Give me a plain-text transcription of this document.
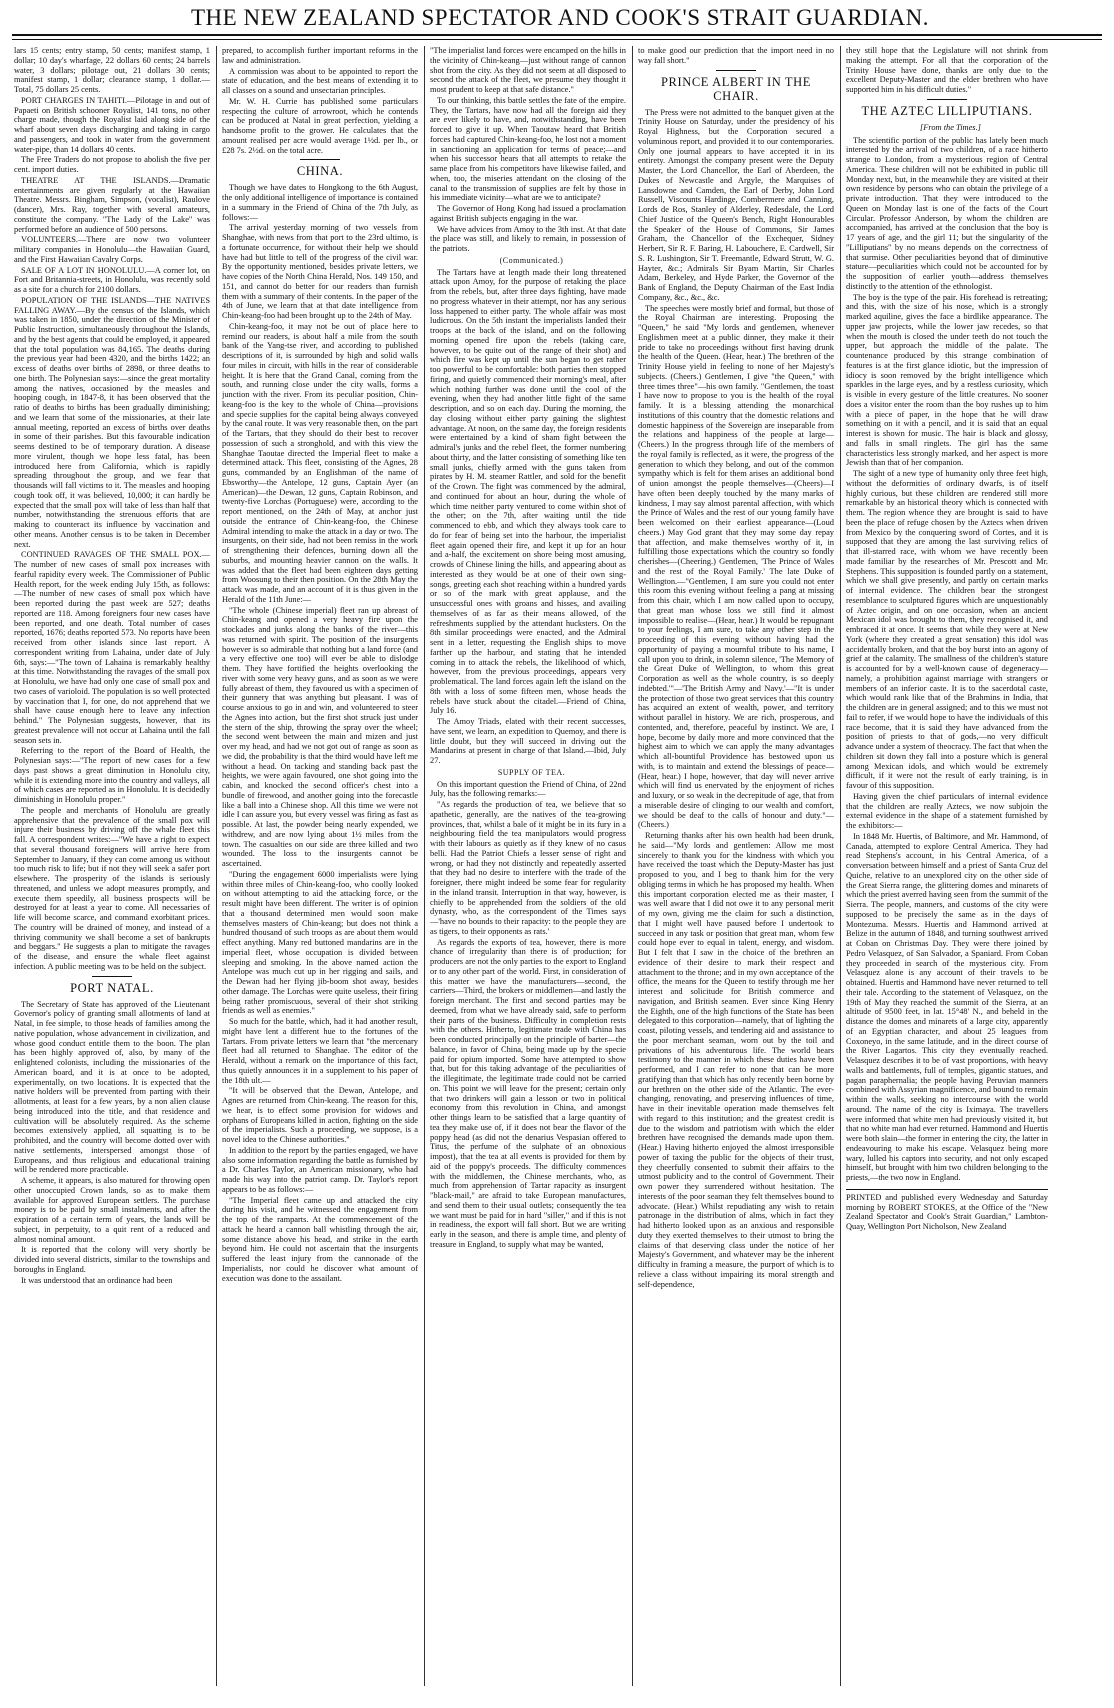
THE NEW ZEALAND SPECTATOR AND COOK'S STRAIT GUARDIAN.

lars 15 cents; entry stamp, 50 cents; manifest stamp, 1 dollar; 10 day's wharfage, 22 dollars 60 cents; 24 barrels water, 3 dollars; pilotage out, 21 dollars 30 cents; manifest stamp, 1 dollar; clearance stamp, 1 dollar.—Total, 75 dollars 25 cents.

PORT CHARGES IN TAHITI.—Pilotage in and out of Papaeti on British schooner Royalist, 141 tons, no other charge made, though the Royalist laid along side of the wharf about seven days discharging and taking in cargo and passengers, and took in water from the government water-pipe, than 14 dollars 40 cents.

The Free Traders do not propose to abolish the five per cent. import duties.

THEATRE AT THE ISLANDS.—Dramatic entertainments are given regularly at the Hawaiian Theatre. Messrs. Bingham, Simpson, (vocalist), Raulove (dancer), Mrs. Ray, together with several amateurs, constitute the company. "The Lady of the Lake" was performed before an audience of 500 persons.

VOLUNTEERS.—There are now two volunteer military companies in Honolulu—the Hawaiian Guard, and the First Hawaiian Cavalry Corps.

SALE OF A LOT IN HONOLULU.—A corner lot, on Fort and Britannia-streets, in Honolulu, was recently sold as a site for a church for 2100 dollars.

POPULATION OF THE ISLANDS—THE NATIVES FALLING AWAY.—By the census of the Islands, which was taken in 1850, under the direction of the Minister of Public Instruction, simultaneously throughout the Islands, and by the best agents that could be employed, it appeared that the total population was 84,165. The deaths during the previous year had been 4320, and the births 1422; an excess of deaths over births of 2898, or three deaths to one birth. The Polynesian says:—since the great mortality among the natives, occasioned by the measles and hooping cough, in 1847-8, it has been observed that the ratio of deaths to births has been gradually diminishing; and we learn that some of the missionaries, at their late annual meeting, reported an excess of births over deaths in some of their parishes. But this favourable indication seems destined to be of temporary duration. A disease more virulent, though we hope less fatal, has been introduced here from California, which is rapidly spreading throughout the group, and we fear that thousands will fall victims to it. The measles and hooping cough took off, it was believed, 10,000; it can hardly be expected that the small pox will take of less than half that number, notwithstanding the strenuous efforts that are making to counteract its influence by vaccination and other means. Another census is to be taken in December next.

CONTINUED RAVAGES OF THE SMALL POX.—The number of new cases of small pox increases with fearful rapidity every week. The Commissioner of Public Health report, for the week ending July 15th, as follows:—The number of new cases of small pox which have been reported during the past week are 527; deaths reported are 118. Among foreigners four new cases have been reported, and one death. Total number of cases reported, 1676; deaths reported 573. No reports have been received from other islands since last report. A correspondent writing from Lahaina, under date of July 6th, says:—"The town of Lahaina is remarkably healthy at this time. Notwithstanding the ravages of the small pox at Honolulu, we have had only one case of small pox and two cases of varioloid. The population is so well protected by vaccination that I, for one, do not apprehend that we shall have cause enough here to leave any infection behind." The Polynesian suggests, however, that its greatest prevalence will not occur at Lahaina until the fall season sets in.

Referring to the report of the Board of Health, the Polynesian says:—"The report of new cases for a few days past shows a great diminution in Honolulu city, while it is extending more into the country and valleys, all of which cases are reported as in Honolulu. It is decidedly diminishing in Honolulu proper."

The people and merchants of Honolulu are greatly apprehensive that the prevalence of the small pox will injure their business by driving off the whale fleet this fall. A correspondent writes:—"We have a right to expect that several thousand foreigners will arrive here from September to January, if they can come among us without too much risk to life; but if not they will seek a safer port elsewhere. The prosperity of the islands is seriously threatened, and unless we adopt measures promptly, and execute them speedily, all business prospects will be destroyed for at least a year to come. All necessaries of life will become scarce, and command exorbitant prices. The country will be drained of money, and instead of a thriving community we shall become a set of bankrupts and beggars." He suggests a plan to mitigate the ravages of the disease, and ensure the whale fleet against infection. A public meeting was to be held on the subject.

PORT NATAL.

The Secretary of State has approved of the Lieutenant Governor's policy of granting small allotments of land at Natal, in fee simple, to those heads of families among the native population, whose advancement in civilization, and whose good conduct entitle them to the boon. The plan has been highly approved of, also, by many of the enlightened colonists, including the missionaries of the American board, and it is at once to be adopted, experimentally, on two locations. It is expected that the native holders will be prevented from parting with their allotments, at least for a few years, by a non alien clause being introduced into the title, and that residence and cultivation will be absolutely required. As the scheme becomes extensively applied, all squatting is to be prohibited, and the country will become dotted over with native settlements, interspersed amongst those of Europeans, and thus religious and educational training will be rendered more practicable.

A scheme, it appears, is also matured for throwing open other unoccupied Crown lands, so as to make them available for approved European settlers. The purchase money is to be paid by small instalments, and after the expiration of a certain term of years, the lands will be subject, in perpetuity, to a quit rent of a reduced and almost nominal amount.

It is reported that the colony will very shortly be divided into several districts, similar to the townships and boroughs in England.

It was understood that an ordinance had been

prepared, to accomplish further important reforms in the law and administration.

A commission was about to be appointed to report the state of education, and the best means of extending it to all classes on a sound and unsectarian principles.

Mr. W. H. Currie has published some particulars respecting the culture of arrowroot, which he contends can be produced at Natal in great perfection, yielding a handsome profit to the grower. He calculates that the amount realised per acre would average 1½d. per lb., or £28 7s. 2½d. on the total acre.

CHINA.

Though we have dates to Hongkong to the 6th August, the only additional intelligence of importance is contained in a summary in the Friend of China of the 7th July, as follows:—

The arrival yesterday morning of two vessels from Shanghae, with news from that port to the 23rd ultimo, is a fortunate occurrence, for without their help we should have had but little to tell of the progress of the civil war. By the opportunity mentioned, besides private letters, we have copies of the North China Herald, Nos. 149 150, and 151, and cannot do better for our readers than furnish them with a summary of their contents. In the paper of the 4th of June, we learn that at that date intelligence from Chin-keang-foo had been brought up to the 24th of May.

Chin-keang-foo, it may not be out of place here to remind our readers, is about half a mile from the south bank of the Yang-tse river, and according to published descriptions of it, is surrounded by high and solid walls four miles in circuit, with hills in the rear of considerable height. It is here that the Grand Canal, coming from the south, and running close under the city walls, forms a junction with the river. From its peculiar position, Chin-keang-foo is the key to the whole of China—provisions and specie supplies for the capital being always conveyed by the canal route. It was very reasonable then, on the part of the Tartars, that they should do their best to recover possession of such a stronghold, and with this view the Shanghae Taoutae directed the Imperial fleet to make a determined attack. This fleet, consisting of the Agnes, 28 guns, commanded by an Englishman of the name of Ebsworthy—the Antelope, 12 guns, Captain Ayer (an American)—the Dewan, 12 guns, Captain Robinson, and twenty-five Lorchas (Portuguese) were, according to the report mentioned, on the 24th of May, at anchor just outside the entrance of Chin-keang-foo, the Chinese Admiral intending to make the attack in a day or two. The insurgents, on their side, had not been remiss in the work of strengthening their defences, burning down all the suburbs, and mounting heavier cannon on the walls. It was added that the fleet had been eighteen days getting from Woosung to their then position. On the 28th May the attack was made, and an account of it is thus given in the Herald of the 11th June:—

"The whole (Chinese imperial) fleet ran up abreast of Chin-keang and opened a very heavy fire upon the stockades and junks along the banks of the river—this was returned with spirit. The position of the insurgents however is so admirable that nothing but a land force (and a very effective one too) will ever be able to dislodge them. They have fortified the heights overlooking the river with some very heavy guns, and as soon as we were fully abreast of them, they favoured us with a specimen of their gunnery that was anything but pleasant. I was of course anxious to go in and win, and volunteered to steer the Agnes into action, but the first shot struck just under the stern of the ship, throwing the spray over the wheel; the second went between the main and mizen and just over my head, and had we not got out of range as soon as we did, the probability is that the third would have left me without a head. On tacking and standing back past the heights, we were again favoured, one shot going into the cabin, and knocked the second officer's chest into a bundle of firewood, and another going into the forecastle like a ball into a Chinese shop. All this time we were not idle I can assure you, but every vessel was firing as fast as possible. At last, the powder being nearly expended, we withdrew, and are now lying about 1½ miles from the town. The casualties on our side are three killed and two wounded. The loss to the insurgents cannot be ascertained.

"During the engagement 6000 imperialists were lying within three miles of Chin-keang-foo, who coolly looked on without attempting to aid the attacking force, or the result might have been different. The writer is of opinion that a thousand determined men would soon make themselves masters of Chin-keang; but does not think a hundred thousand of such troops as are about them would effect anything. Many red buttoned mandarins are in the imperial fleet, whose occupation is divided between sleeping and smoking. In the above named action the Antelope was much cut up in her rigging and sails, and the Dewan had her flying jib-boom shot away, besides other damage. The Lorchas were quite useless, their firing being rather promiscuous, several of their shot striking friends as well as enemies."

So much for the battle, which, had it had another result, might have lent a different hue to the fortunes of the Tartars. From private letters we learn that "the mercenary fleet had all returned to Shanghae. The editor of the Herald, without a remark on the importance of this fact, thus quietly announces it in a supplement to his paper of the 18th ult.—

"It will be observed that the Dewan, Antelope, and Agnes are returned from Chin-keang. The reason for this, we hear, is to effect some provision for widows and orphans of Europeans killed in action, fighting on the side of the imperialists. Such a proceeding, we suppose, is a novel idea to the Chinese authorities."

In addition to the report by the parties engaged, we have also some information regarding the battle as furnished by a Dr. Charles Taylor, an American missionary, who had made his way into the patriot camp. Dr. Taylor's report appears to be as follows:—

"The Imperial fleet came up and attacked the city during his visit, and he witnessed the engagement from the top of the ramparts. At the commencement of the attack he heard a cannon ball whistling through the air, some distance above his head, and strike in the earth beyond him. He could not ascertain that the insurgents suffered the least injury from the cannonade of the Imperialists, nor could he discover what amount of execution was done to the assailant.

"The imperialist land forces were encamped on the hills in the vicinity of Chin-keang—just without range of cannon shot from the city. As they did not seem at all disposed to second the attack of the fleet, we presume they thought it most prudent to keep at that safe distance."

To our thinking, this battle settles the fate of the empire. They, the Tartars, have now had all the foreign aid they are ever likely to have, and, notwithstanding, have been forced to give it up. When Taoutaw heard that British forces had captured Chin-keang-foo, he lost not a moment in sanctioning an application for terms of peace;—and when his successor hears that all attempts to retake the same place from his competitors have likewise failed, and when, too, the miseries attendant on the closing of the canal to the transmission of supplies are felt by those in his immediate vicinity—what are we to anticipate?

The Governor of Hong Kong had issued a proclamation against British subjects engaging in the war.

We have advices from Amoy to the 3th inst. At that date the place was still, and likely to remain, in possession of the patriots.

(Communicated.)

The Tartars have at length made their long threatened attack upon Amoy, for the purpose of retaking the place from the rebels, but, after three days fighting, have made no progress whatever in their attempt, nor has any serious loss happened to either party. The whole affair was most ludicrous. On the 5th instant the imperialists landed their troops at the back of the island, and on the following morning opened fire upon the rebels (taking care, however, to be quite out of the range of their shot) and which fire was kept up until the sun began to get rather too powerful to be comfortable: both parties then stopped firing, and quietly commenced their morning's meal, after which nothing further was done until the cool of the evening, when they had another little fight of the same description, and so on each day. During the morning, the day closing without either party gaining the slightest advantage. At noon, on the same day, the foreign residents were entertained by a kind of sham fight between the admiral's junks and the rebel fleet, the former numbering about thirty, and the latter consisting of something like ten small junks, chiefly armed with the guns taken from pirates by H. M. steamer Rattler, and sold for the benefit of the Crown. The fight was commenced by the admiral, and continued for about an hour, during the whole of which time neither party ventured to come within shot of the other; on the 7th, after waiting until the tide commenced to ebb, and which they always took care to do for fear of being set into the harbour, the imperialist fleet again opened their fire, and kept it up for an hour and a-half, the excitement on shore being most amusing, crowds of Chinese lining the hills, and appearing about as interested as they would be at one of their own sing-songs, greeting each shot reaching within a hundred yards or so of the mark with great applause, and the unsuccessful ones with groans and hisses, and availing themselves of as far as their means allowed, of the refreshments supplied by the attendant hucksters. On the 8th similar proceedings were enacted, and the Admiral sent in a letter, requesting the English ships to move farther up the harbour, and stating that he intended coming in to attack the rebels, the likelihood of which, however, from the previous proceedings, appears very problematical. The land forces again left the island on the 8th with a loss of some fifteen men, whose heads the rebels have stuck about the citadel.—Friend of China, July 16.

The Amoy Triads, elated with their recent successes, have sent, we learn, an expedition to Quemoy, and there is little doubt, but they will succeed in driving out the Mandarins at present in charge of that Island.—Ibid, July 27.

SUPPLY OF TEA.

On this important question the Friend of China, of 22nd July, has the following remarks:—

"As regards the production of tea, we believe that so apathetic, generally, are the natives of the tea-growing provinces, that, whilst a bale of it might be in its fury in a neighbouring field the tea manipulators would progress with their labours as quietly as if they knew of no casus belli. Had the Patriot Chiefs a lesser sense of right and wrong, or had they not distinctly and repeatedly asserted that they had no desire to interfere with the trade of the foreigner, there might indeed be some fear for regularity in the inland transit. Interruption in that way, however, is chiefly to be apprehended from the soldiers of the old dynasty, who, as the correspondent of the Times says—'have no bounds to their rapacity: to the people they are as tigers, to their opponents as rats.'

As regards the exports of tea, however, there is more chance of irregularity than there is of production; for producers are not the only parties to the export to England or to any other part of the world. First, in consideration of this matter we have the manufacturers—second, the carriers—Third, the brokers or middlemen—and lastly the foreign merchant. The first and second parties may be deemed, from what we have already said, safe to perform their parts of the business. Difficulty in completion rests with the others. Hitherto, legitimate trade with China has been conducted principally on the principle of barter—the balance, in favor of China, being made up by the specie paid for opium imported. Some have attempted to show that, but for this taking advantage of the peculiarities of the illegitimate, the legitimate trade could not be carried on. This point we will leave for the present; certain only that two drinkers will gain a lesson or two in political economy from this revolution in China, and amongst other things learn to be satisfied that a large quantity of tea they make use of, if it does not bear the flavor of the poppy head (as did not the denarius Vespasian offered to Titus, the perfume of the sulphate of an obnoxious impost), that the tea at all events is provided for them by aid of the poppy's proceeds. The difficulty commences with the middlemen, the Chinese merchants, who, as much from apprehension of Tartar rapacity as insurgent "black-mail," are afraid to take European manufactures, and send them to their usual outlets; consequently the tea we want must be paid for in hard "siller," and if this is not in readiness, the export will fall short. But we are writing early in the season, and there is ample time, and plenty of treasure in England, to supply what may be wanted,

to make good our prediction that the import need in no way fall short."

PRINCE ALBERT IN THE CHAIR.

The Press were not admitted to the banquet given at the Trinity House on Saturday, under the presidency of his Royal Highness, but the Corporation secured a voluminous report, and provided it to our contemporaries. Only one journal appears to have accepted it in its entirety. Amongst the company present were the Deputy Master, the Lord Chancellor, the Earl of Aberdeen, the Dukes of Newcastle and Argyle, the Marquises of Lansdowne and Camden, the Earl of Derby, John Lord Russell, Viscounts Hardinge, Combermere and Canning, Lords de Ros, Stanley of Alderley, Redesdale, the Lord Chief Justice of the Queen's Bench, Right Honourables the Speaker of the House of Commons, Sir James Graham, the Chancellor of the Exchequer, Sidney Herbert, Sir R. F. Baring, H. Labouchere, E. Cardwell, Sir S. R. Lushington, Sir T. Freemantle, Edward Strutt, W. G. Hayter, &c.; Admirals Sir Byam Martin, Sir Charles Adam, Berkeley, and Hyde Parker, the Governor of the Bank of England, the Deputy Chairman of the East India Company, &c., &c., &c.

The speeches were mostly brief and formal, but those of the Royal Chairman are interesting. Proposing the "Queen," he said "My lords and gentlemen, whenever Englishmen meet at a public dinner, they make it their pride to take no proceedings without first having drunk the health of the Queen. (Hear, hear.) The brethren of the Trinity House yield in feeling to none of her Majesty's subjects. (Cheers.) Gentlemen, I give "the Queen," with three times three"—his own family. "Gentlemen, the toast I have now to propose to you is the health of the royal family. It is a blessing attending the monarchical institutions of this country that the domestic relations and domestic happiness of the Sovereign are inseparable from the relations and happiness of the people at large—(Cheers.) In the progress through life of the members of the royal family is reflected, as it were, the progress of the generation to which they belong, and out of the common sympathy which is felt for them arises an additional bond of union amongst the people themselves—(Cheers)—I have often been deeply touched by the many marks of kindness, I may say almost parental affection, with which the Prince of Wales and the rest of our young family have been welcomed on their earliest appearance—(Loud cheers.) May God grant that they may some day repay that affection, and make themselves worthy of it, in fulfilling those expectations which the country so fondly cherishes—(Cheering.) Gentlemen, 'The Prince of Wales and the rest of the Royal Family.' The late Duke of Wellington.—"Gentlemen, I am sure you could not enter this room this evening without feeling a pang at missing from this chair, which I am now called upon to occupy, that great man whose loss we still find it almost impossible to realise—(Hear, hear.) It would be repugnant to your feelings, I am sure, to take any other step in the proceeding of this evening without having had the opportunity of paying a mournful tribute to his name, I call upon you to drink, in solemn silence, 'The Memory of the Great Duke of Wellington, to whom this great Corporation as well as the whole country, is so deeply indebted.'"—'The British Army and Navy.'—"It is under the protection of those two great services that this country has acquired an extent of wealth, power, and territory without parallel in history. We are rich, prosperous, and contented, and, therefore, peaceful by instinct. We are, I hope, become by daily more and more convinced that the highest aim to which we can apply the many advantages which all-bountiful Providence has bestowed upon us with, is to maintain and extend the blessings of peace—(Hear, hear.) I hope, however, that day will never arrive which will find us enervated by the enjoyment of riches and luxury, or so weak in the decrepitude of age, that from a miserable desire of clinging to our wealth and comfort, we should be deaf to the calls of honour and duty."—(Cheers.)

Returning thanks after his own health had been drunk, he said—"My lords and gentlemen: Allow me most sincerely to thank you for the kindness with which you have received the toast which the Deputy-Master has just proposed to you, and I beg to thank him for the very obliging terms in which he has proposed my health. When this important corporation elected me as their master, I was well aware that I did not owe it to any personal merit of my own, giving me the claim for such a distinction, that I might well have paused before I undertook to succeed in any task or position that great man, whom few could hope ever to equal in talent, energy, and wisdom. But I felt that I saw in the choice of the brethren an evidence of their desire to mark their respect and attachment to the throne; and in my own acceptance of the office, the means for the Queen to testify through me her interest and solicitude for British commerce and navigation, and British seamen. Ever since King Henry the Eighth, one of the high functions of the State has been delegated to this corporation—namely, that of lighting the coast, piloting vessels, and tendering aid and assistance to the poor merchant seaman, worn out by the toil and privations of his adventurous life. The world bears testimony to the manner in which these duties have been performed, and I can refer to none that can be more gratifying than that which has only recently been borne by our brethren on the other side of the Atlantic. The ever-changing, renovating, and preserving influences of time, have in their inevitable operation made themselves felt with regard to this institution; and the greatest credit is due to the wisdom and patriotism with which the elder brethren have recognised the demands made upon them. (Hear.) Having hitherto enjoyed the almost irresponsible power of taxing the public for the objects of their trust, they cheerfully consented to submit their affairs to the utmost publicity and to the control of Government. Their own power they surrendered without hesitation. The interests of the poor seaman they felt themselves bound to advocate. (Hear.) Whilst repudiating any wish to retain patronage in the distribution of alms, which in fact they had hitherto looked upon as an anxious and responsible duty they exerted themselves to their utmost to bring the claims of that deserving class under the notice of her Majesty's Government, and whatever may be the inherent difficulty in framing a measure, the purport of which is to relieve a class without impairing its moral strength and self-dependence,

they still hope that the Legislature will not shrink from making the attempt. For all that the corporation of the Trinity House have done, thanks are only due to the excellent Deputy-Master and the elder brethren who have supported him in his difficult duties."

THE AZTEC LILLIPUTIANS.

[From the Times.]

The scientific portion of the public has lately been much interested by the arrival of two children, of a race hitherto strange to London, from a mysterious region of Central America. These children will not be exhibited in public till Monday next, but, in the meanwhile they are visited at their own residence by persons who can obtain the privilege of a private introduction. That they were introduced to the Queen on Monday last is one of the facts of the Court Circular. Professor Anderson, by whom the children are accompanied, has arrived at the conclusion that the boy is 17 years of age, and the girl 11; but the singularity of the "Lilliputians" by no means depends on the correctness of that surmise. Other peculiarities beyond that of diminutive stature—peculiarities which could not be accounted for by the supposition of earlier youth—address themselves distinctly to the attention of the ethnologist.

The boy is the type of the pair. His forehead is retreating; and this, with the size of his nose, which is a strongly marked aquiline, gives the face a birdlike appearance. The upper jaw projects, while the lower jaw recedes, so that when the mouth is closed the under teeth do not touch the upper, but approach the middle of the palate. The countenance produced by this strange combination of features is at the first glance idiotic, but the impression of idiocy is soon removed by the bright intelligence which sparkles in the large eyes, and by a restless curiosity, which is visible in every gesture of the little creatures. No sooner does a visitor enter the room than the boy rushes up to him with a piece of paper, in the hope that he will draw something on it with a pencil, and it is said that an equal interest is shown for music. The hair is black and glossy, and falls in small ringlets. The girl has the same characteristics less strongly marked, and her aspect is more Jewish than that of her companion.

The sight of a new type of humanity only three feet high, without the deformities of ordinary dwarfs, is of itself highly curious, but these children are rendered still more remarkable by an historical theory which is connected with them. The region whence they are brought is said to have been the place of refuge chosen by the Aztecs when driven from Mexico by the conquering sword of Cortes, and it is supposed that they are among the last surviving relics of that ill-starred race, with whom we have recently been made familiar by the researches of Mr. Prescott and Mr. Stephens. This supposition is founded partly on a statement, which we shall give presently, and partly on certain marks of internal evidence. The children bear the strongest resemblance to sculptured figures which are unquestionably of Aztec origin, and on one occasion, when an ancient Mexican idol was brought to them, they recognised it, and embraced it at once. It seems that while they were at New York (where they created a great sensation) this idol was accidentally broken, and that the boy burst into an agony of grief at the calamity. The smallness of the children's stature is accounted for by a well-known cause of degeneracy—namely, a prohibition against marriage with strangers or members of an inferior caste. It is to the sacerdotal caste, which would rank like that of the Brahmins in India, that the children are in general assigned; and to this we must not fail to refer, if we would hope to have the individuals of this race become, that it is said they have advanced from the position of priests to that of gods,—no very difficult advance under a system of theocracy. The fact that when the children sit down they fall into a posture which is general among Mexican idols, and which would be extremely difficult, if it were not the result of early training, is in favour of this supposition.

Having given the chief particulars of internal evidence that the children are really Aztecs, we now subjoin the external evidence in the shape of a statement furnished by the exhibitors:—

In 1848 Mr. Huertis, of Baltimore, and Mr. Hammond, of Canada, attempted to explore Central America. They had read Stephens's account, in his Central America, of a conversation between himself and a priest of Santa Cruz del Quiche, relative to an unexplored city on the other side of the Great Sierra range, the glittering domes and minarets of which the priest averred having seen from the summit of the Sierra. The people, manners, and customs of the city were supposed to be precisely the same as in the days of Montezuma. Messrs. Huertis and Hammond arrived at Belize in the autumn of 1848, and turning southwest arrived at Coban on Christmas Day. They were there joined by Pedro Velasquez, of San Salvador, a Spaniard. From Coban they proceeded in search of the mysterious city. From Velasquez alone is any account of their travels to be obtained. Huertis and Hammond have never returned to tell their tale. According to the statement of Velasquez, on the 19th of May they reached the summit of the Sierra, at an altitude of 9500 feet, in lat. 15°48' N., and beheld in the distance the domes and minarets of a large city, apparently of an Egyptian character, and about 25 leagues from Coxoneyo, in the same latitude, and in the direct course of the River Lagartos. This city they eventually reached. Velasquez describes it to be of vast proportions, with heavy walls and battlements, full of temples, gigantic statues, and pagan paraphernalia; the people having Peruvian manners combined with Assyrian magnificence, and bound to remain within the walls, seeking no intercourse with the world around. The name of the city is Iximaya. The travellers were informed that white men had previously visited it, but that no white man had ever returned. Hammond and Huertis were both slain—the former in entering the city, the latter in endeavouring to make his escape. Velasquez being more wary, lulled his captors into security, and not only escaped himself, but brought with him two children belonging to the priests,—the two now in England.

PRINTED and published every Wednesday and Saturday morning by ROBERT STOKES, at the Office of the "New Zealand Spectator and Cook's Strait Guardian," Lambton-Quay, Wellington Port Nicholson, New Zealand
